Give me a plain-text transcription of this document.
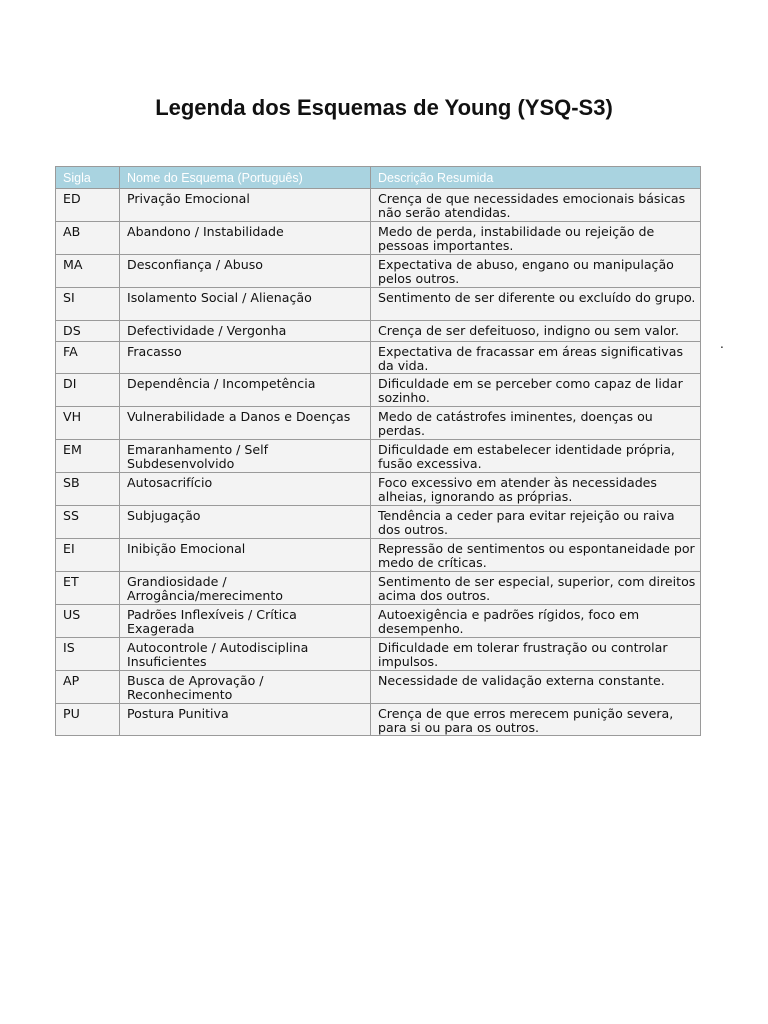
Legenda dos Esquemas de Young (YSQ-S3)
Sigla	Nome do Esquema (Português)	Descrição Resumida
ED	Privação Emocional	Crença de que necessidades emocionais básicas não serão atendidas.
AB	Abandono / Instabilidade	Medo de perda, instabilidade ou rejeição de pessoas importantes.
MA	Desconfiança / Abuso	Expectativa de abuso, engano ou manipulação pelos outros.
SI	Isolamento Social / Alienação	Sentimento de ser diferente ou excluído do grupo.
DS	Defectividade / Vergonha	Crença de ser defeituoso, indigno ou sem valor.
FA	Fracasso	Expectativa de fracassar em áreas significativas da vida.
DI	Dependência / Incompetência	Dificuldade em se perceber como capaz de lidar sozinho.
VH	Vulnerabilidade a Danos e Doenças	Medo de catástrofes iminentes, doenças ou perdas.
EM	Emaranhamento / Self Subdesenvolvido	Dificuldade em estabelecer identidade própria, fusão excessiva.
SB	Autosacrifício	Foco excessivo em atender às necessidades alheias, ignorando as próprias.
SS	Subjugação	Tendência a ceder para evitar rejeição ou raiva dos outros.
EI	Inibição Emocional	Repressão de sentimentos ou espontaneidade por medo de críticas.
ET	Grandiosidade / Arrogância/merecimento	Sentimento de ser especial, superior, com direitos acima dos outros.
US	Padrões Inflexíveis / Crítica Exagerada	Autoexigência e padrões rígidos, foco em desempenho.
IS	Autocontrole / Autodisciplina Insuficientes	Dificuldade em tolerar frustração ou controlar impulsos.
AP	Busca de Aprovação / Reconhecimento	Necessidade de validação externa constante.
PU	Postura Punitiva	Crença de que erros merecem punição severa, para si ou para os outros.
.
